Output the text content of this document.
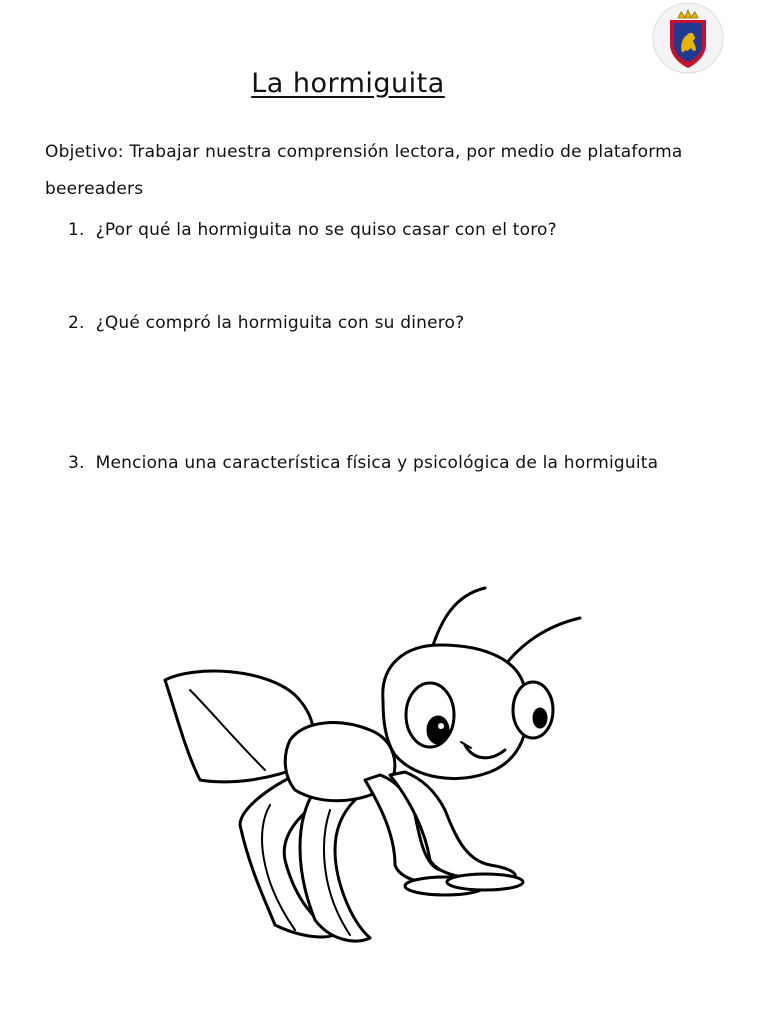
La hormiguita
Objetivo: Trabajar nuestra comprensión lectora, por medio de plataforma beereaders
1. ¿Por qué la hormiguita no se quiso casar con el toro?
2. ¿Qué compró la hormiguita con su dinero?
3. Menciona una característica física y psicológica de la hormiguita
